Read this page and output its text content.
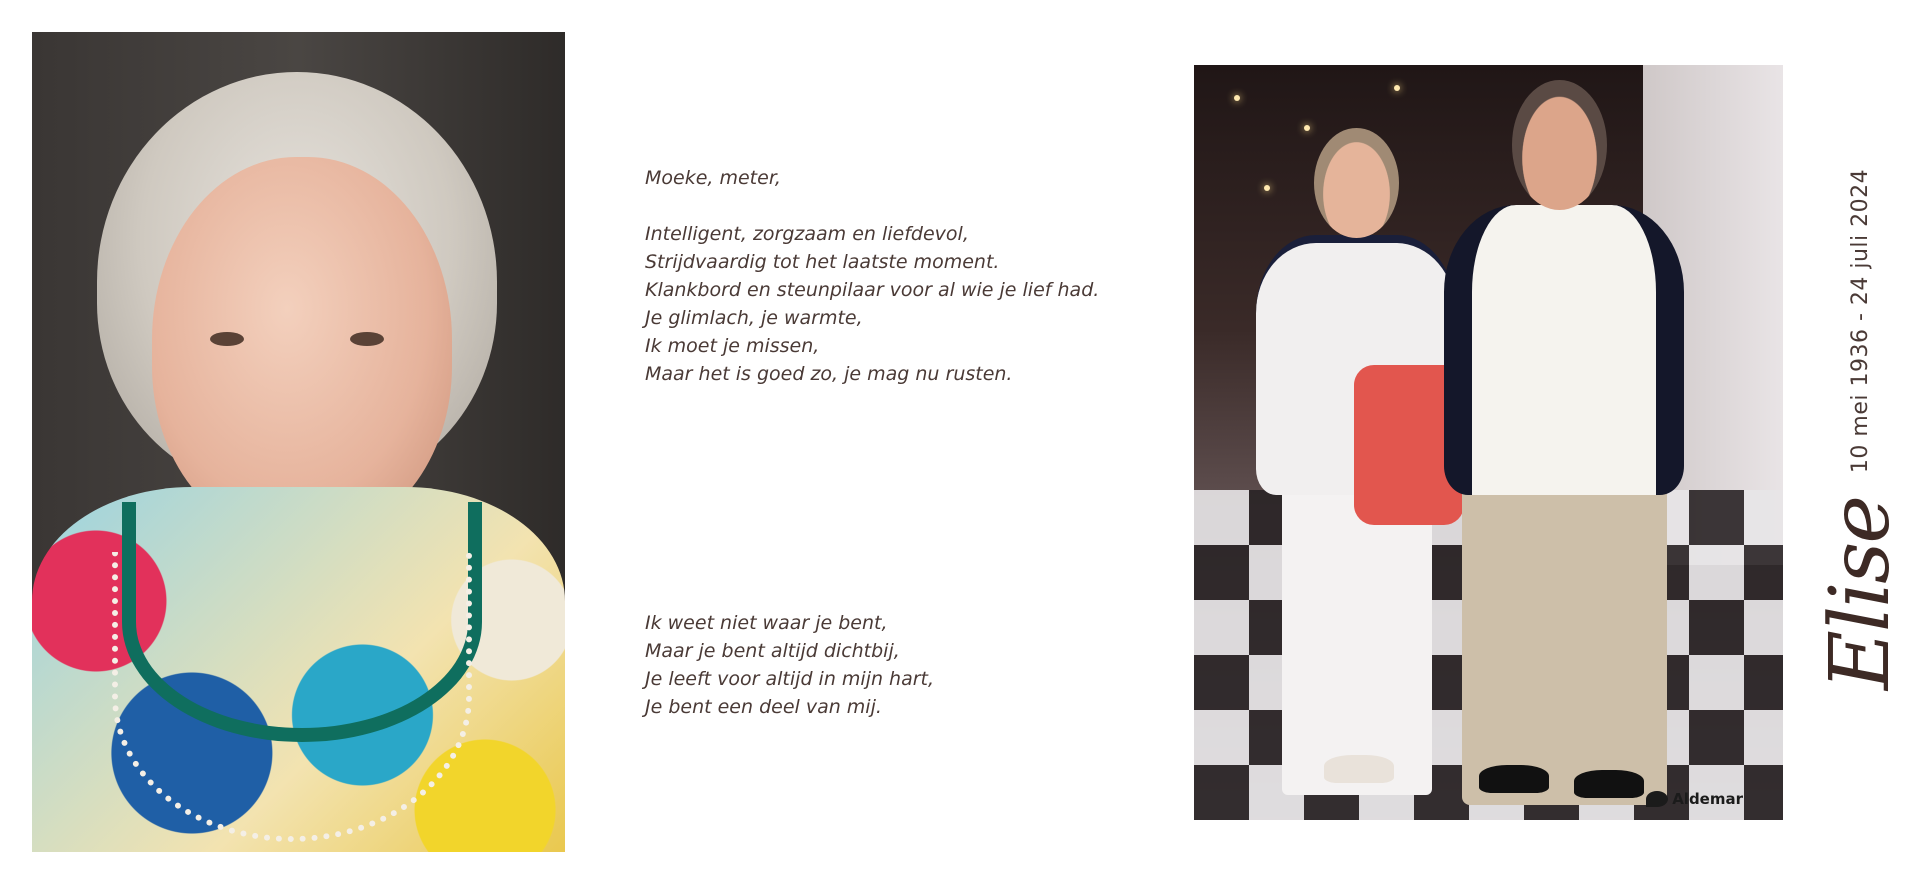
Moeke, meter,

Intelligent, zorgzaam en liefdevol,
Strijdvaardig tot het laatste moment.
Klankbord en steunpilaar voor al wie je lief had.
Je glimlach, je warmte,
Ik moet je missen,
Maar het is goed zo, je mag nu rusten.
Ik weet niet waar je bent,
Maar je bent altijd dichtbij,
Je leeft voor altijd in mijn hart,
Je bent een deel van mij.
Aldemar
Elise
10 mei 1936 - 24 juli 2024
